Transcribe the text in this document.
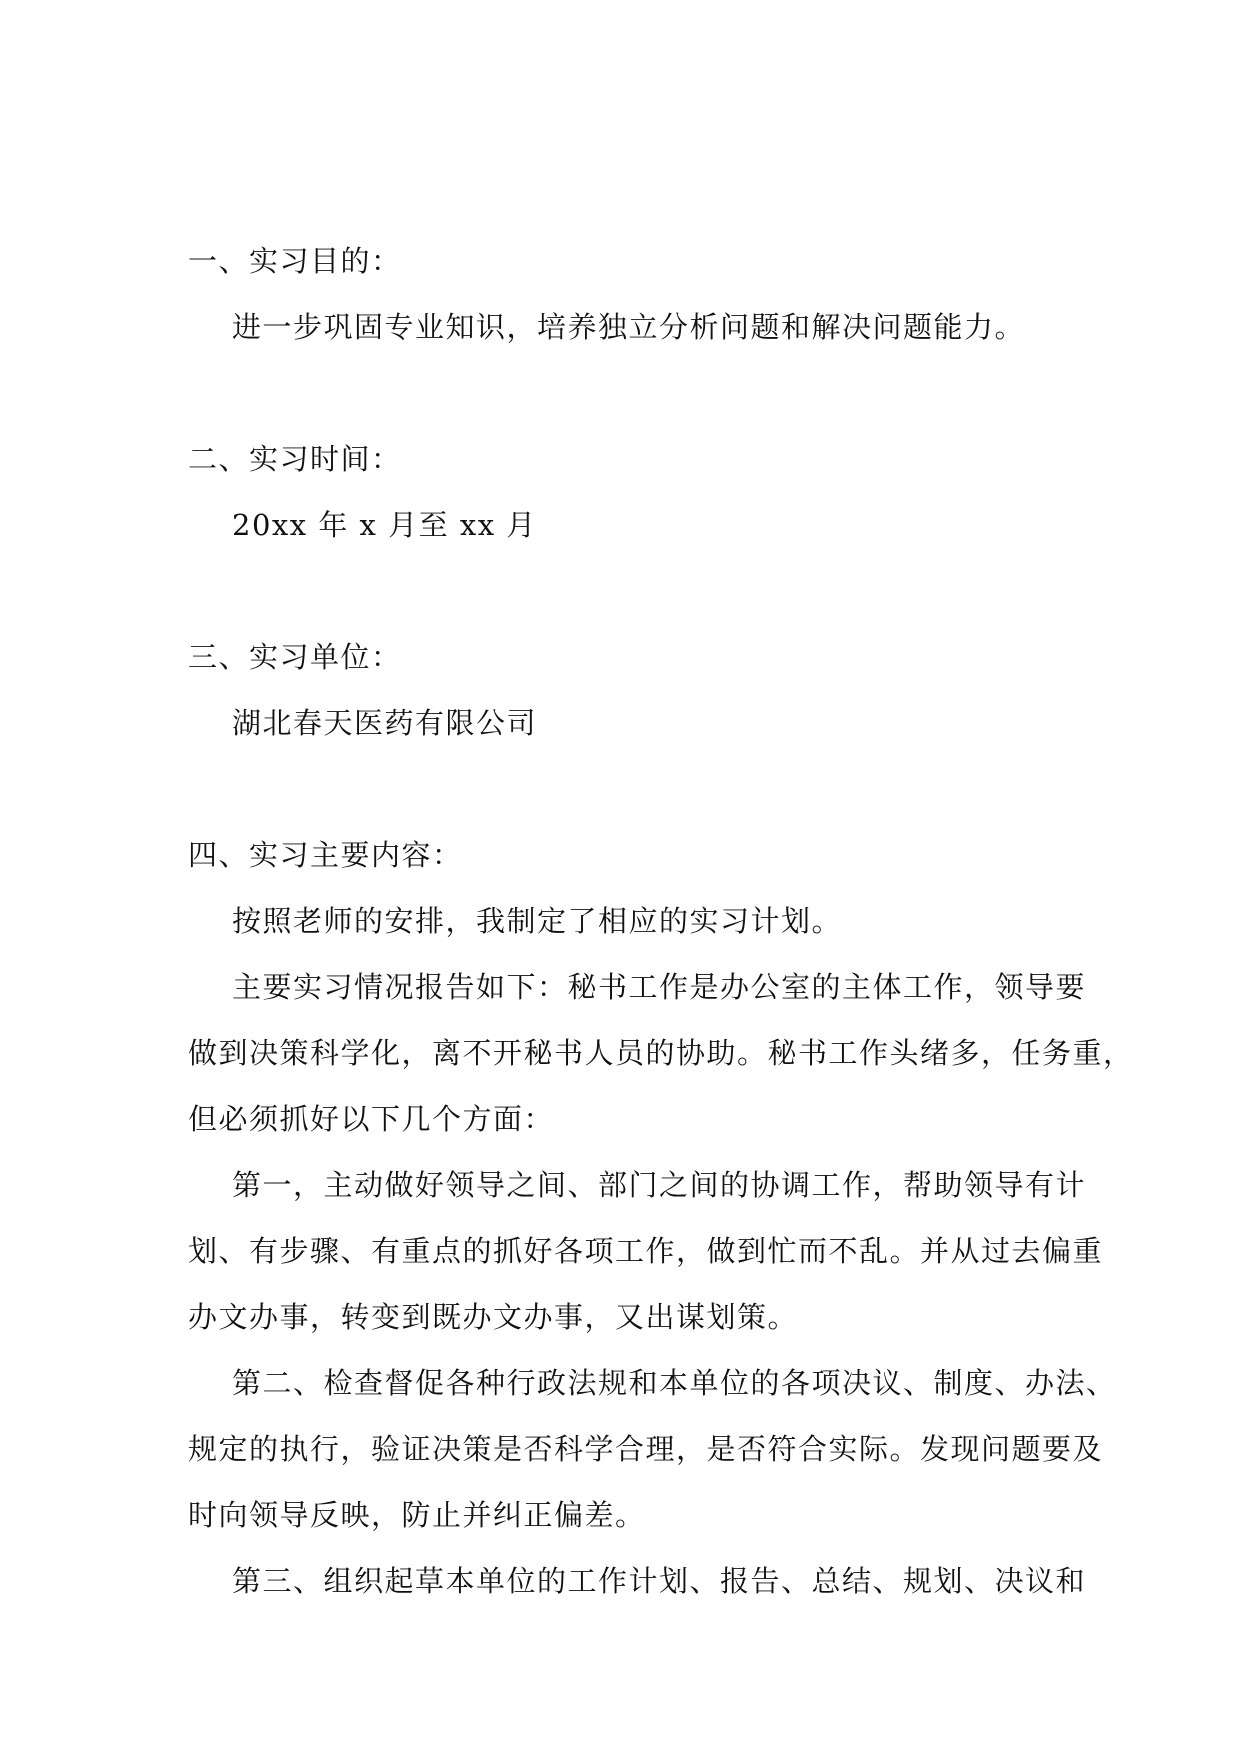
一、实习目的：
进一步巩固专业知识，培养独立分析问题和解决问题能力。
二、实习时间：
20xx 年 x 月至 xx 月
三、实习单位：
湖北春天医药有限公司
四、实习主要内容：
按照老师的安排，我制定了相应的实习计划。
主要实习情况报告如下：秘书工作是办公室的主体工作，领导要
做到决策科学化，离不开秘书人员的协助。秘书工作头绪多，任务重，
但必须抓好以下几个方面：
第一，主动做好领导之间、部门之间的协调工作，帮助领导有计
划、有步骤、有重点的抓好各项工作，做到忙而不乱。并从过去偏重
办文办事，转变到既办文办事，又出谋划策。
第二、检查督促各种行政法规和本单位的各项决议、制度、办法、
规定的执行，验证决策是否科学合理，是否符合实际。发现问题要及
时向领导反映，防止并纠正偏差。
第三、组织起草本单位的工作计划、报告、总结、规划、决议和
